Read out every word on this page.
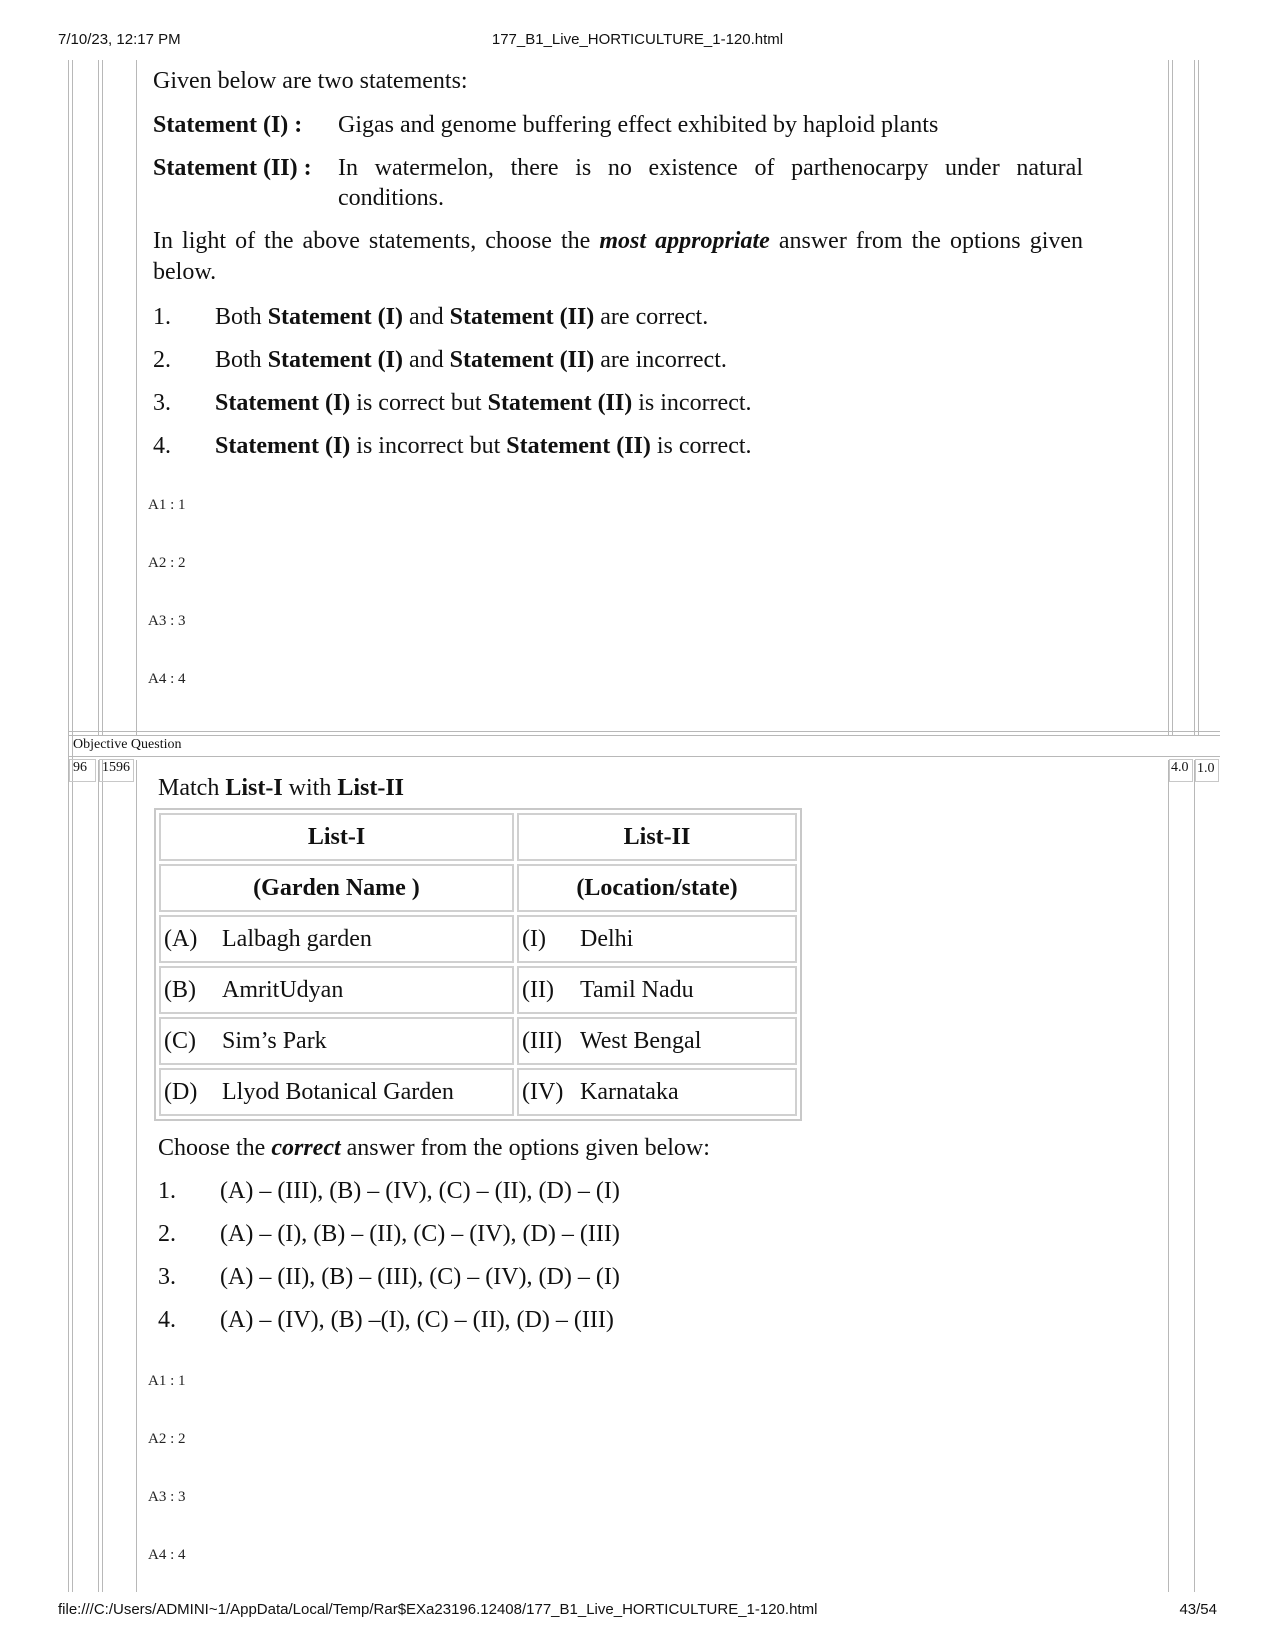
7/10/23, 12:17 PM	177_B1_Live_HORTICULTURE_1-120.html
file:///C:/Users/ADMINI~1/AppData/Local/Temp/Rar$EXa23196.12408/177_B1_Live_HORTICULTURE_1-120.html	43/54
Given below are two statements:
Statement (I) : Gigas and genome buffering effect exhibited by haploid plants
Statement (II) : In watermelon, there is no existence of parthenocarpy under natural conditions.
In light of the above statements, choose the most appropriate answer from the options given below.
1. Both Statement (I) and Statement (II) are correct.
2. Both Statement (I) and Statement (II) are incorrect.
3. Statement (I) is correct but Statement (II) is incorrect.
4. Statement (I) is incorrect but Statement (II) is correct.
A1 : 1
A2 : 2
A3 : 3
A4 : 4
Objective Question
96 1596	4.0 1.0
Match List-I with List-II
List-I	List-II
(Garden Name )	(Location/state)
(A) Lalbagh garden	(I) Delhi
(B) AmritUdyan	(II) Tamil Nadu
(C) Sim’s Park	(III) West Bengal
(D) Llyod Botanical Garden	(IV) Karnataka
Choose the correct answer from the options given below:
1. (A) – (III), (B) – (IV), (C) – (II), (D) – (I)
2. (A) – (I), (B) – (II), (C) – (IV), (D) – (III)
3. (A) – (II), (B) – (III), (C) – (IV), (D) – (I)
4. (A) – (IV), (B) –(I), (C) – (II), (D) – (III)
A1 : 1
A2 : 2
A3 : 3
A4 : 4
